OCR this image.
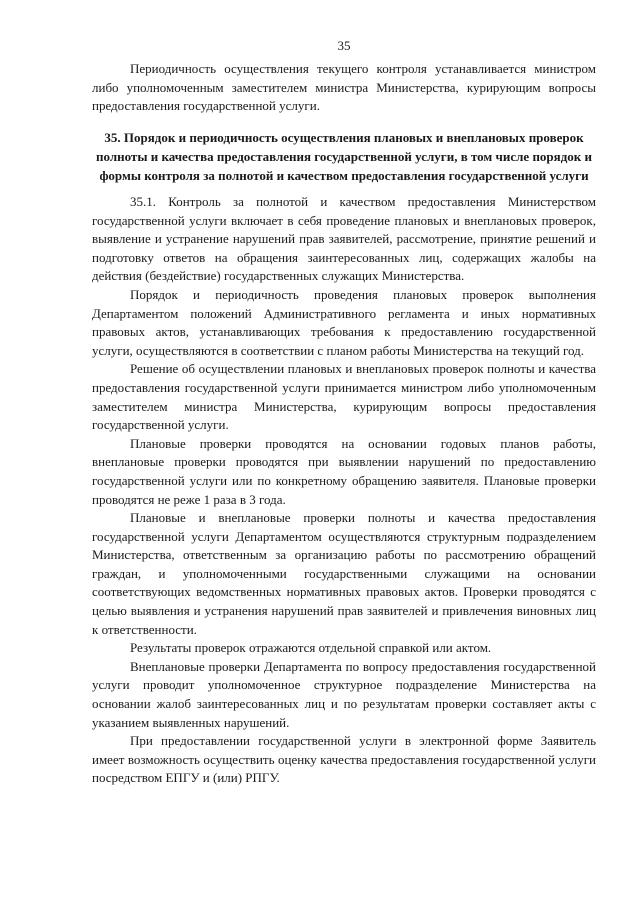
35

Периодичность осуществления текущего контроля устанавливается министром либо уполномоченным заместителем министра Министерства, курирующим вопросы предоставления государственной услуги.

35. Порядок и периодичность осуществления плановых и внеплановых проверок полноты и качества предоставления государственной услуги, в том числе порядок и формы контроля за полнотой и качеством предоставления государственной услуги

35.1. Контроль за полнотой и качеством предоставления Министерством государственной услуги включает в себя проведение плановых и внеплановых проверок, выявление и устранение нарушений прав заявителей, рассмотрение, принятие решений и подготовку ответов на обращения заинтересованных лиц, содержащих жалобы на действия (бездействие) государственных служащих Министерства.

Порядок и периодичность проведения плановых проверок выполнения Департаментом положений Административного регламента и иных нормативных правовых актов, устанавливающих требования к предоставлению государственной услуги, осуществляются в соответствии с планом работы Министерства на текущий год.

Решение об осуществлении плановых и внеплановых проверок полноты и качества предоставления государственной услуги принимается министром либо уполномоченным заместителем министра Министерства, курирующим вопросы предоставления государственной услуги.

Плановые проверки проводятся на основании годовых планов работы, внеплановые проверки проводятся при выявлении нарушений по предоставлению государственной услуги или по конкретному обращению заявителя. Плановые проверки проводятся не реже 1 раза в 3 года.

Плановые и внеплановые проверки полноты и качества предоставления государственной услуги Департаментом осуществляются структурным подразделением Министерства, ответственным за организацию работы по рассмотрению обращений граждан, и уполномоченными государственными служащими на основании соответствующих ведомственных нормативных правовых актов. Проверки проводятся с целью выявления и устранения нарушений прав заявителей и привлечения виновных лиц к ответственности.

Результаты проверок отражаются отдельной справкой или актом.

Внеплановые проверки Департамента по вопросу предоставления государственной услуги проводит уполномоченное структурное подразделение Министерства на основании жалоб заинтересованных лиц и по результатам проверки составляет акты с указанием выявленных нарушений.

При предоставлении государственной услуги в электронной форме Заявитель имеет возможность осуществить оценку качества предоставления государственной услуги посредством ЕПГУ и (или) РПГУ.
